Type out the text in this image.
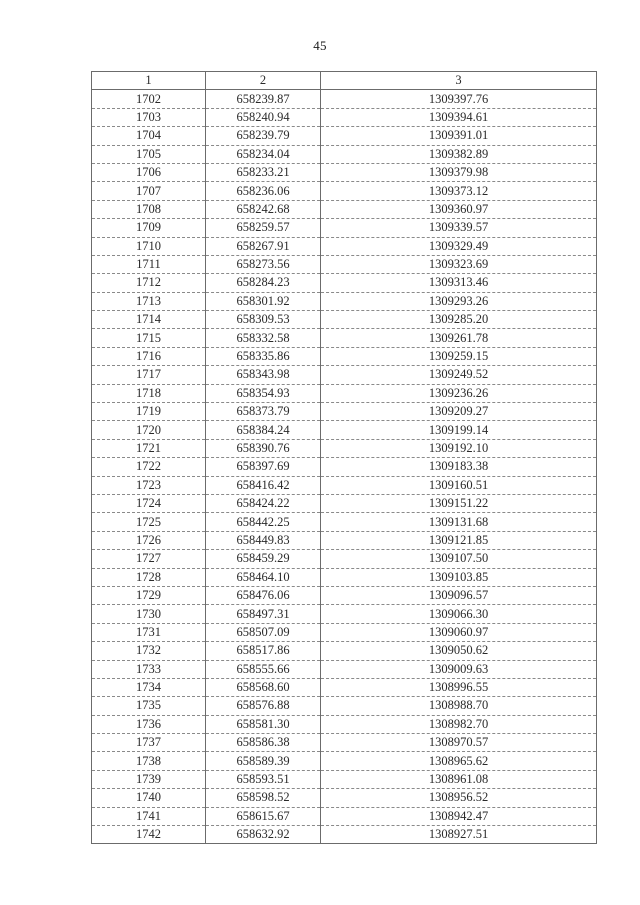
45
1	2	3
1702	658239.87	1309397.76
1703	658240.94	1309394.61
1704	658239.79	1309391.01
1705	658234.04	1309382.89
1706	658233.21	1309379.98
1707	658236.06	1309373.12
1708	658242.68	1309360.97
1709	658259.57	1309339.57
1710	658267.91	1309329.49
1711	658273.56	1309323.69
1712	658284.23	1309313.46
1713	658301.92	1309293.26
1714	658309.53	1309285.20
1715	658332.58	1309261.78
1716	658335.86	1309259.15
1717	658343.98	1309249.52
1718	658354.93	1309236.26
1719	658373.79	1309209.27
1720	658384.24	1309199.14
1721	658390.76	1309192.10
1722	658397.69	1309183.38
1723	658416.42	1309160.51
1724	658424.22	1309151.22
1725	658442.25	1309131.68
1726	658449.83	1309121.85
1727	658459.29	1309107.50
1728	658464.10	1309103.85
1729	658476.06	1309096.57
1730	658497.31	1309066.30
1731	658507.09	1309060.97
1732	658517.86	1309050.62
1733	658555.66	1309009.63
1734	658568.60	1308996.55
1735	658576.88	1308988.70
1736	658581.30	1308982.70
1737	658586.38	1308970.57
1738	658589.39	1308965.62
1739	658593.51	1308961.08
1740	658598.52	1308956.52
1741	658615.67	1308942.47
1742	658632.92	1308927.51
